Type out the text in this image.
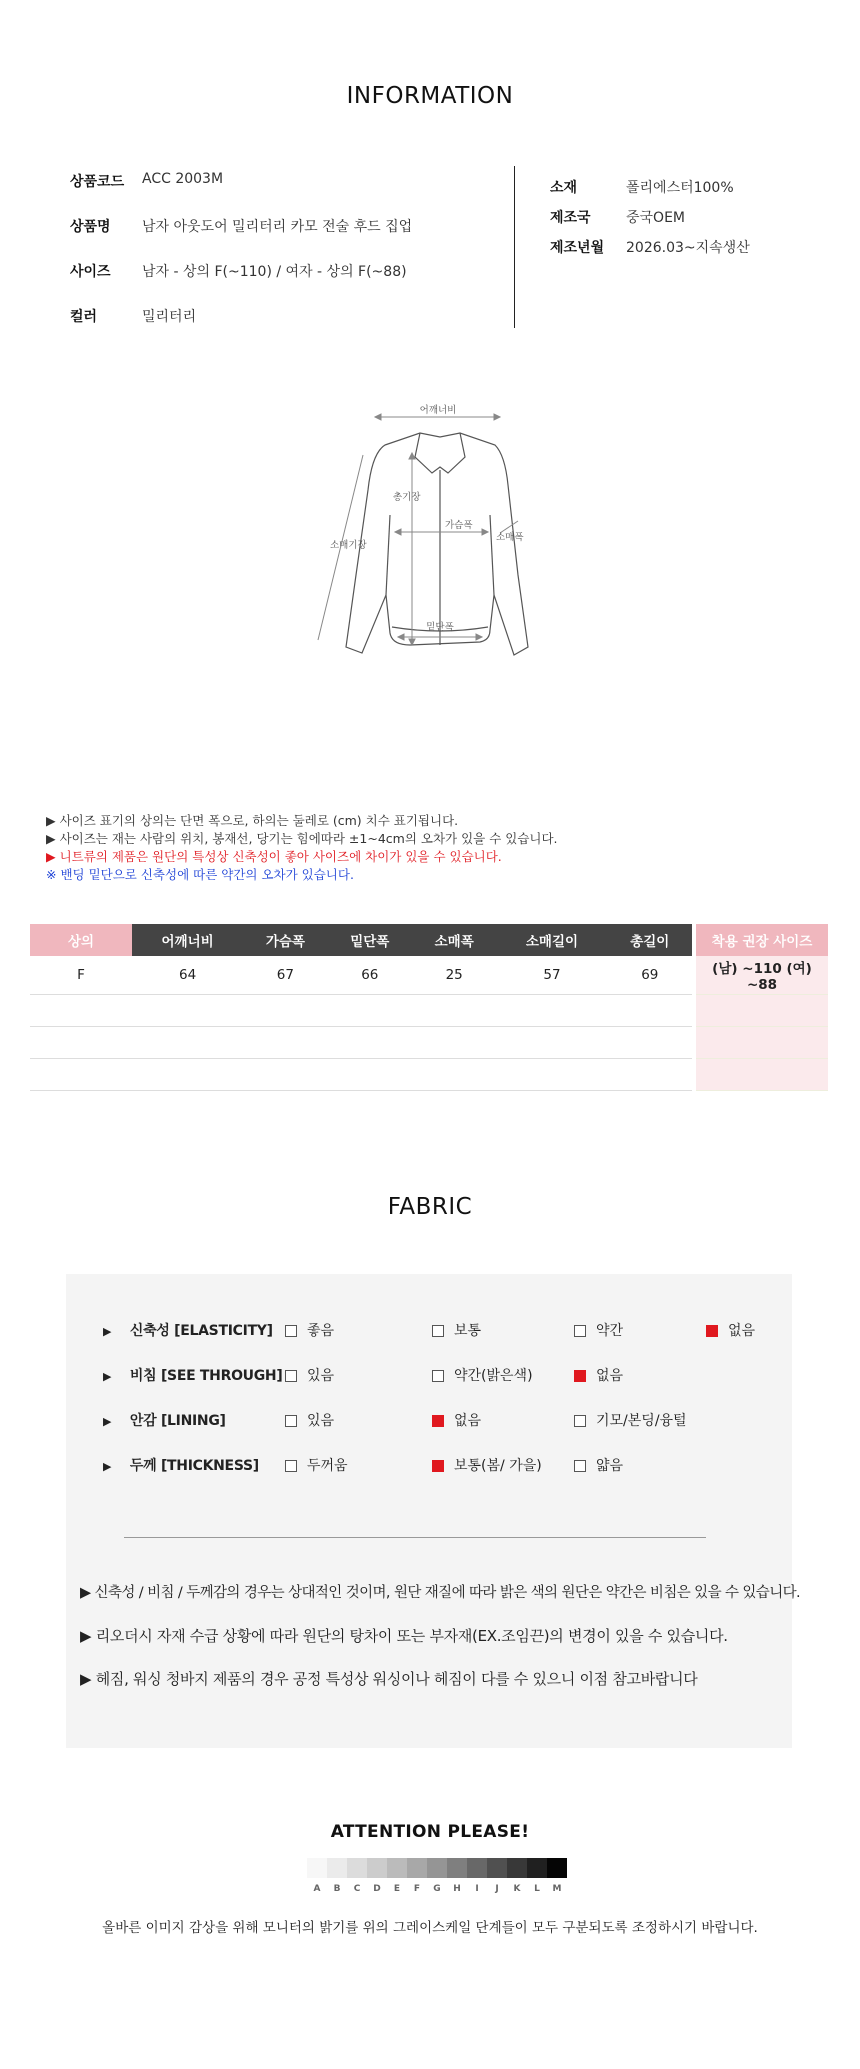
INFORMATION
상품코드 ACC 2003M
상품명 남자 아웃도어 밀리터리 카모 전술 후드 집업
사이즈 남자 - 상의 F(~110) / 여자 - 상의 F(~88)
컬러	밀리터리
소재	폴리에스터100%
제조국	중국OEM
제조년월 2026.03~지속생산
어깨너비
총기장
가슴폭
소매폭
소매기장
밑단폭
▶ 사이즈 표기의 상의는 단면 폭으로, 하의는 둘레로 (cm) 치수 표기됩니다.
▶ 사이즈는 재는 사람의 위치, 봉재선, 당기는 힘에따라 ±1~4cm의 오차가 있을 수 있습니다.
▶ 니트류의 제품은 원단의 특성상 신축성이 좋아 사이즈에 차이가 있을 수 있습니다.
※ 밴딩 밑단으로 신축성에 따른 약간의 오차가 있습니다.
상의	어깨너비	가슴폭	밑단폭	소매폭	소매길이	총길이		착용 권장 사이즈
F	64	67	66	25	57	69		(남) ~110 (여) ~88

FABRIC
▶ 신축성 [ELASTICITY]	좋음	보통	약간	없음
▶ 비침 [SEE THROUGH]	있음	약간(밝은색)	없음
▶ 안감 [LINING]	있음	없음	기모/본딩/융털
▶ 두께 [THICKNESS]	두꺼움	보통(봄/ 가을)	얇음
▶ 신축성 / 비침 / 두께감의 경우는 상대적인 것이며, 원단 재질에 따라 밝은 색의 원단은 약간은 비침은 있을 수 있습니다.
▶ 리오더시 자재 수급 상황에 따라 원단의 탕차이 또는 부자재(EX.조임끈)의 변경이 있을 수 있습니다.
▶ 헤짐, 워싱 청바지 제품의 경우 공정 특성상 워싱이나 헤짐이 다를 수 있으니 이점 참고바랍니다
ATTENTION PLEASE!
A	B	C	D	E	F	G	H	I	J	K	L	M
올바른 이미지 감상을 위해 모니터의 밝기를 위의 그레이스케일 단계들이 모두 구분되도록 조정하시기 바랍니다.
